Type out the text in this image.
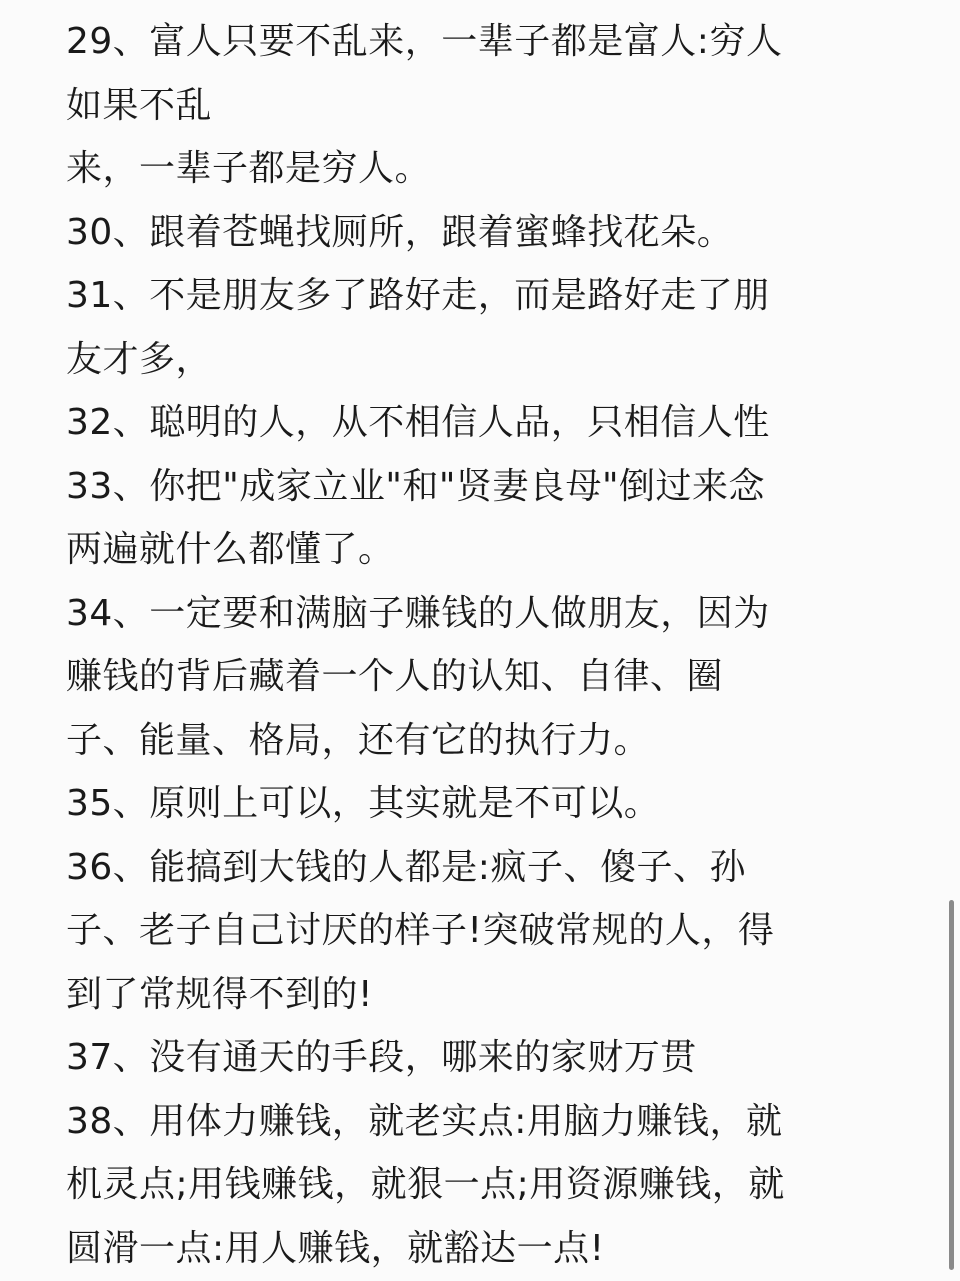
29、富人只要不乱来，一辈子都是富人:穷人
如果不乱
来，一辈子都是穷人。
30、跟着苍蝇找厕所，跟着蜜蜂找花朵。
31、不是朋友多了路好走，而是路好走了朋
友才多，
32、聪明的人，从不相信人品，只相信人性
33、你把"成家立业"和"贤妻良母"倒过来念
两遍就什么都懂了。
34、一定要和满脑子赚钱的人做朋友，因为
赚钱的背后藏着一个人的认知、自律、圈
子、能量、格局，还有它的执行力。
35、原则上可以，其实就是不可以。
36、能搞到大钱的人都是:疯子、傻子、孙
子、老子自己讨厌的样子!突破常规的人，得
到了常规得不到的!
37、没有通天的手段，哪来的家财万贯
38、用体力赚钱，就老实点:用脑力赚钱，就
机灵点;用钱赚钱，就狠一点;用资源赚钱，就
圆滑一点:用人赚钱，就豁达一点!
